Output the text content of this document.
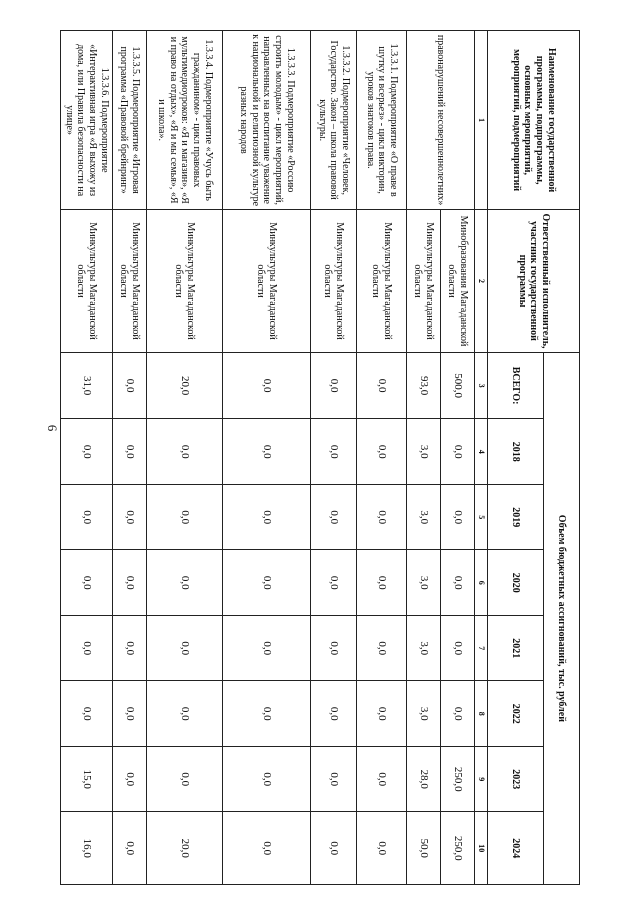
6
Наименование государственной программы, подпрограммы, основных мероприятий, мероприятий, подмероприятий	Ответственный исполнитель, участник государственной программы	Объем бюджетных ассигнований, тыс. рублей							
		ВСЕГО:	2018	2019	2020	2021	2022	2023	2024
1	2	3	4	5	6	7	8	9	10
правонарушений несовершеннолетних»	Минобразования Магаданской области	500,0	0,0	0,0	0,0	0,0	0,0	250,0	250,0
	Минкультуры Магаданской области	93,0	3,0	3,0	3,0	3,0	3,0	28,0	50,0
1.3.3.1. Подмероприятие «О праве в шутку и всерьез» - цикл викторин, уроков знатоков права.	Минкультуры Магаданской области	0,0	0,0	0,0	0,0	0,0	0,0	0,0	0,0
1.3.3.2. Подмероприятие «Человек, Государство. Закон – школа правовой культуры.	Минкультуры Магаданской области	0,0	0,0	0,0	0,0	0,0	0,0	0,0	0,0
1.3.3.3. Подмероприятие «Россию строить молодым» - цикл мероприятий, направленных на воспитание уважение к национальной и религиозной культуре разных народов	Минкультуры Магаданской области	0,0	0,0	0,0	0,0	0,0	0,0	0,0	0,0
1.3.3.4. Подмероприятие «Учусь быть гражданином» - цикл правовых мультимедиоуроков: «Я и магазин», «Я и право на отдых», «Я и мы семья», «Я и школа».	Минкультуры Магаданской области	20,0	0,0	0,0	0,0	0,0	0,0	0,0	20,0
1.3.3.5. Подмероприятие «Игровая программа «Правовой брейнринг»	Минкультуры Магаданской области	0,0	0,0	0,0	0,0	0,0	0,0	0,0	0,0
1.3.3.6. Подмероприятие «Интерактивная игра «Я выхожу из дома, или Правила безопасности на улице»	Минкультуры Магаданской области	31,0	0,0	0,0	0,0	0,0	0,0	15,0	16,0
